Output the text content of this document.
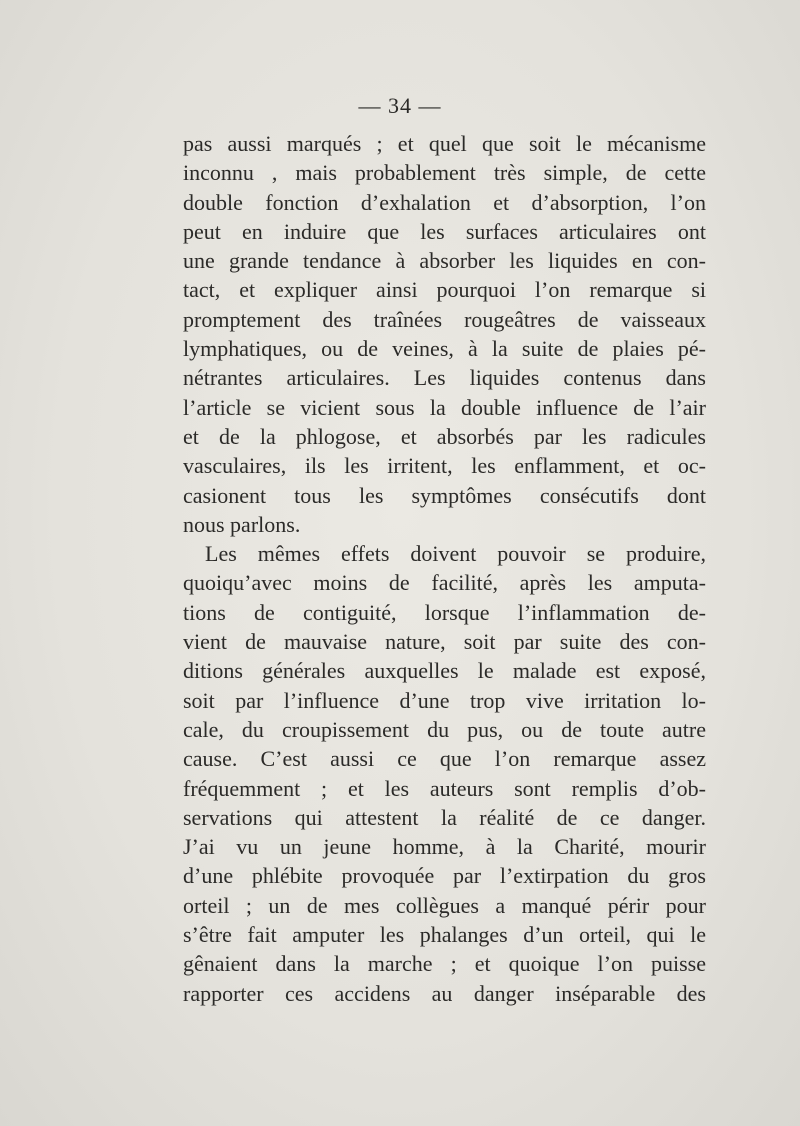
— 34 —
pas aussi marqués ; et quel que soit le mécanisme
inconnu , mais probablement très simple, de cette
double fonction d’exhalation et d’absorption, l’on
peut en induire que les surfaces articulaires ont
une grande tendance à absorber les liquides en con-
tact, et expliquer ainsi pourquoi l’on remarque si
promptement des traînées rougeâtres de vaisseaux
lymphatiques, ou de veines, à la suite de plaies pé-
nétrantes articulaires. Les liquides contenus dans
l’article se vicient sous la double influence de l’air
et de la phlogose, et absorbés par les radicules
vasculaires, ils les irritent, les enflamment, et oc-
casionent tous les symptômes consécutifs dont
nous parlons.
Les mêmes effets doivent pouvoir se produire,
quoiqu’avec moins de facilité, après les amputa-
tions de contiguité, lorsque l’inflammation de-
vient de mauvaise nature, soit par suite des con-
ditions générales auxquelles le malade est exposé,
soit par l’influence d’une trop vive irritation lo-
cale, du croupissement du pus, ou de toute autre
cause. C’est aussi ce que l’on remarque assez
fréquemment ; et les auteurs sont remplis d’ob-
servations qui attestent la réalité de ce danger.
J’ai vu un jeune homme, à la Charité, mourir
d’une phlébite provoquée par l’extirpation du gros
orteil ; un de mes collègues a manqué périr pour
s’être fait amputer les phalanges d’un orteil, qui le
gênaient dans la marche ; et quoique l’on puisse
rapporter ces accidens au danger inséparable des
